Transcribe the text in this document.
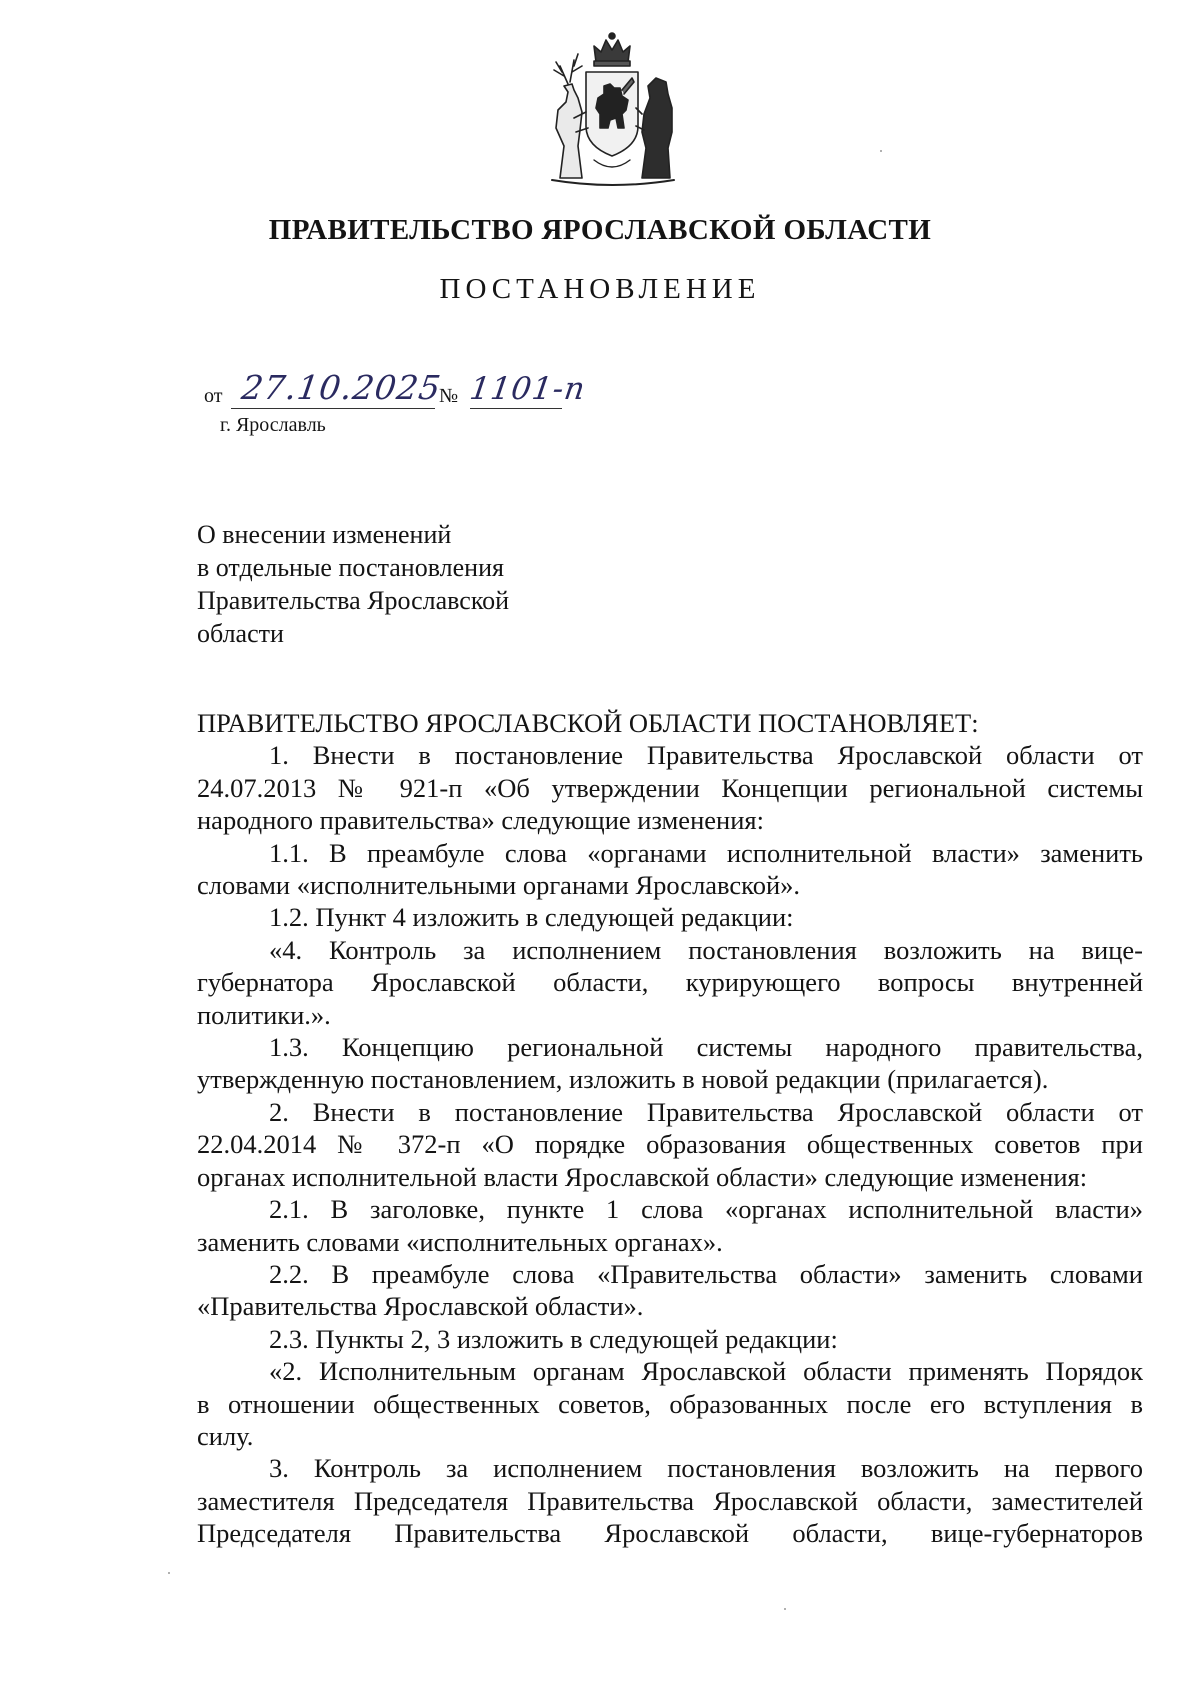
ПРАВИТЕЛЬСТВО ЯРОСЛАВСКОЙ ОБЛАСТИ
ПОСТАНОВЛЕНИЕ
от 27.10.2025
№ 1101-п
г. Ярославль
О внесении изменений
в отдельные постановления
Правительства Ярославской
области
ПРАВИТЕЛЬСТВО ЯРОСЛАВСКОЙ ОБЛАСТИ ПОСТАНОВЛЯЕТ:
1. Внести в постановление Правительства Ярославской области от
24.07.2013 № 921-п «Об утверждении Концепции региональной системы
народного правительства» следующие изменения:
1.1. В преамбуле слова «органами исполнительной власти» заменить
словами «исполнительными органами Ярославской».
1.2. Пункт 4 изложить в следующей редакции:
«4. Контроль за исполнением постановления возложить на вице-
губернатора Ярославской области, курирующего вопросы внутренней
политики.».
1.3. Концепцию региональной системы народного правительства,
утвержденную постановлением, изложить в новой редакции (прилагается).
2. Внести в постановление Правительства Ярославской области от
22.04.2014 № 372-п «О порядке образования общественных советов при
органах исполнительной власти Ярославской области» следующие изменения:
2.1. В заголовке, пункте 1 слова «органах исполнительной власти»
заменить словами «исполнительных органах».
2.2. В преамбуле слова «Правительства области» заменить словами
«Правительства Ярославской области».
2.3. Пункты 2, 3 изложить в следующей редакции:
«2. Исполнительным органам Ярославской области применять Порядок
в отношении общественных советов, образованных после его вступления в
силу.
3. Контроль за исполнением постановления возложить на первого
заместителя Председателя Правительства Ярославской области, заместителей
Председателя Правительства Ярославской области, вице-губернаторов
